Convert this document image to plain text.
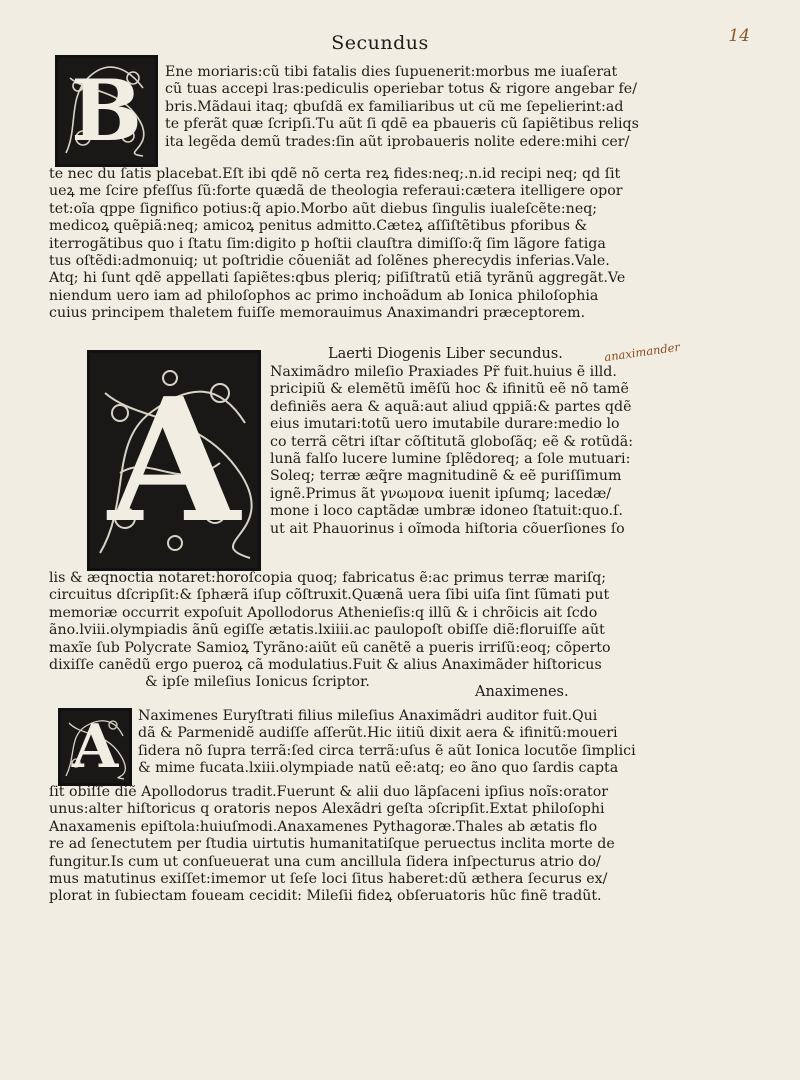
Secundus	14
B Ene moriaris:cũ tibi fatalis dies ſupuenerit:morbus me iuaſerat
cũ tuas accepi lras:pediculis operiebar totus & rigore angebar fe/
bris.Mãdaui itaq; qbuſdã ex familiaribus ut cũ me ſepelierint:ad
te pferãt quæ ſcripſi.Tu aũt ſi qdē ea pbaueris cũ ſapiẽtibus reliqs
ita legẽda demũ trades:ſin aũt iprobaueris nolite edere:mihi cer/
te nec du ſatis placebat.Eſt ibi qdẽ nõ certa reꝝ fides:neq;.n.id recipi neq; qd ſit
ueꝝ me ſcire pfeſſus ſũ:forte quædã de theologia referaui:cætera itelligere opor
tet:oĩa qppe ſignifico potius:q̃ apio.Morbo aũt diebus ſingulis iualeſcẽte:neq;
medicoꝝ quẽpiã:neq; amicoꝝ penitus admitto.Cæteꝝ aſſiſtẽtibus pforibus &
iterrogãtibus quo i ſtatu ſim:digito p hoſtii clauſtra dimiſſo:q̃ ſim lãgore fatiga
tus oſtẽdi:admonuiq; ut poſtridie cõueniãt ad ſolẽnes pherecydis inferias.Vale.
Atq; hi ſunt qdẽ appellati ſapiẽtes:qbus pleriq; piſiſtratũ etiã tyrãnũ aggregãt.Ve
niendum uero iam ad philoſophos ac primo inchoãdum ab Ionica philoſophia
cuius principem thaletem fuiſſe memorauimus Anaximandri præceptorem.
Laerti Diogenis Liber secundus.	anaximander
A Naximãdro mileſio Praxiades Pr̃ fuit.huius ẽ illd.
pricipiũ & elemẽtũ imẽſũ hoc & ifinitũ eẽ nõ tamẽ
definiẽs aera & aquã:aut aliud qppiã:& partes qdẽ
eius imutari:totũ uero imutabile durare:medio lo
co terrã cẽtri iſtar cõſtitutã globoſãq; eẽ & rotũdã:
lunã falſo lucere lumine ſplẽdoreq; a ſole mutuari:
Soleq; terræ æq̃re magnitudinẽ & eẽ puriſſimum
ignẽ.Primus ãt γνωμονα iuenit ipſumq; lacedæ/
mone i loco captãdæ umbræ idoneo ſtatuit:quo.ſ.
ut ait Phauorinus i oĩmoda hiſtoria cõuerſiones ſo
lis & æqnoctia notaret:horoſcopia quoq; fabricatus ẽ:ac primus terræ mariſq;
circuitus dſcripſit:& ſphærã iſup cõſtruxit.Quænã uera ſibi uiſa ſint ſũmati put
memoriæ occurrit expoſuit Apollodorus Athenieſis:q illũ & i chrõicis ait ſcdo
ãno.lviii.olympiadis ãnũ egiſſe ætatis.lxiiii.ac paulopoſt obiſſe diẽ:floruiſſe aũt
maxĩe ſub Polycrate Samioꝝ Tyrãno:aiũt eũ canẽtẽ a pueris irriſũ:eoq; cõperto
dixiſſe canẽdũ ergo pueroꝝ cã modulatius.Fuit & alius Anaximãder hiſtoricus
& ipſe mileſius Ionicus ſcriptor.
Anaximenes.
A Naximenes Euryſtrati filius mileſius Anaximãdri auditor fuit.Qui
dã & Parmenidẽ audiſſe aſſerũt.Hic iitiũ dixit aera & ifinitũ:moueri
ſidera nõ ſupra terrã:ſed circa terrã:uſus ẽ aũt Ionica locutõe ſimplici
& mime fucata.lxiii.olympiade natũ eẽ:atq; eo ãno quo ſardis capta
ſit obiſſe diẽ Apollodorus tradit.Fuerunt & alii duo lãpſaceni ipſius noĩs:orator
unus:alter hiſtoricus q oratoris nepos Alexãdri geſta ↄſcripſit.Extat philoſophi
Anaxamenis epiſtola:huiuſmodi.Anaxamenes Pythagoræ.Thales ab ætatis flo
re ad ſenectutem per ſtudia uirtutis humanitatiſque peruectus inclita morte de
fungitur.Is cum ut conſueuerat una cum ancillula ſidera inſpecturus atrio do/
mus matutinus exiſſet:imemor ut ſeſe loci ſitus haberet:dũ æthera ſecurus ex/
plorat in ſubiectam foueam cecidit: Mileſii fideꝝ obſeruatoris hũc finẽ tradũt.
